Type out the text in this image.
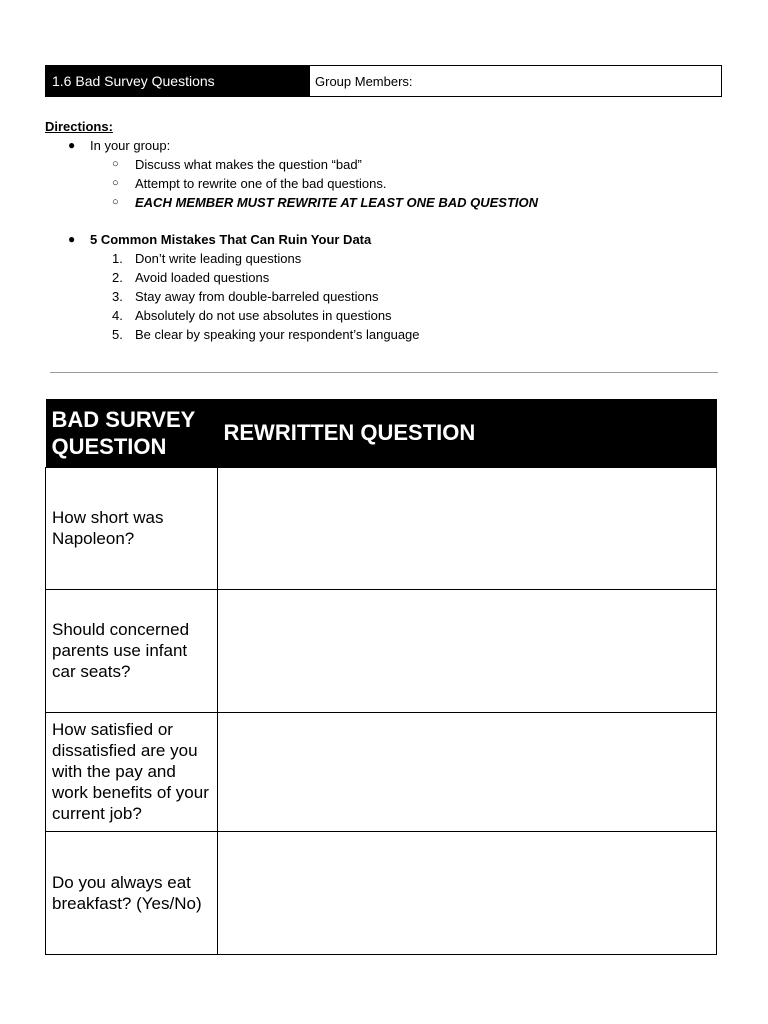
1.6 Bad Survey Questions	Group Members:
Directions:
● In your group:
○ Discuss what makes the question “bad”
○ Attempt to rewrite one of the bad questions.
○ EACH MEMBER MUST REWRITE AT LEAST ONE BAD QUESTION
● 5 Common Mistakes That Can Ruin Your Data
1. Don’t write leading questions
2. Avoid loaded questions
3. Stay away from double-barreled questions
4. Absolutely do not use absolutes in questions
5. Be clear by speaking your respondent’s language
BAD SURVEY QUESTION	REWRITTEN QUESTION
How short was Napoleon?	
Should concerned parents use infant car seats?	
How satisfied or dissatisfied are you with the pay and work benefits of your current job?	
Do you always eat breakfast? (Yes/No)	
